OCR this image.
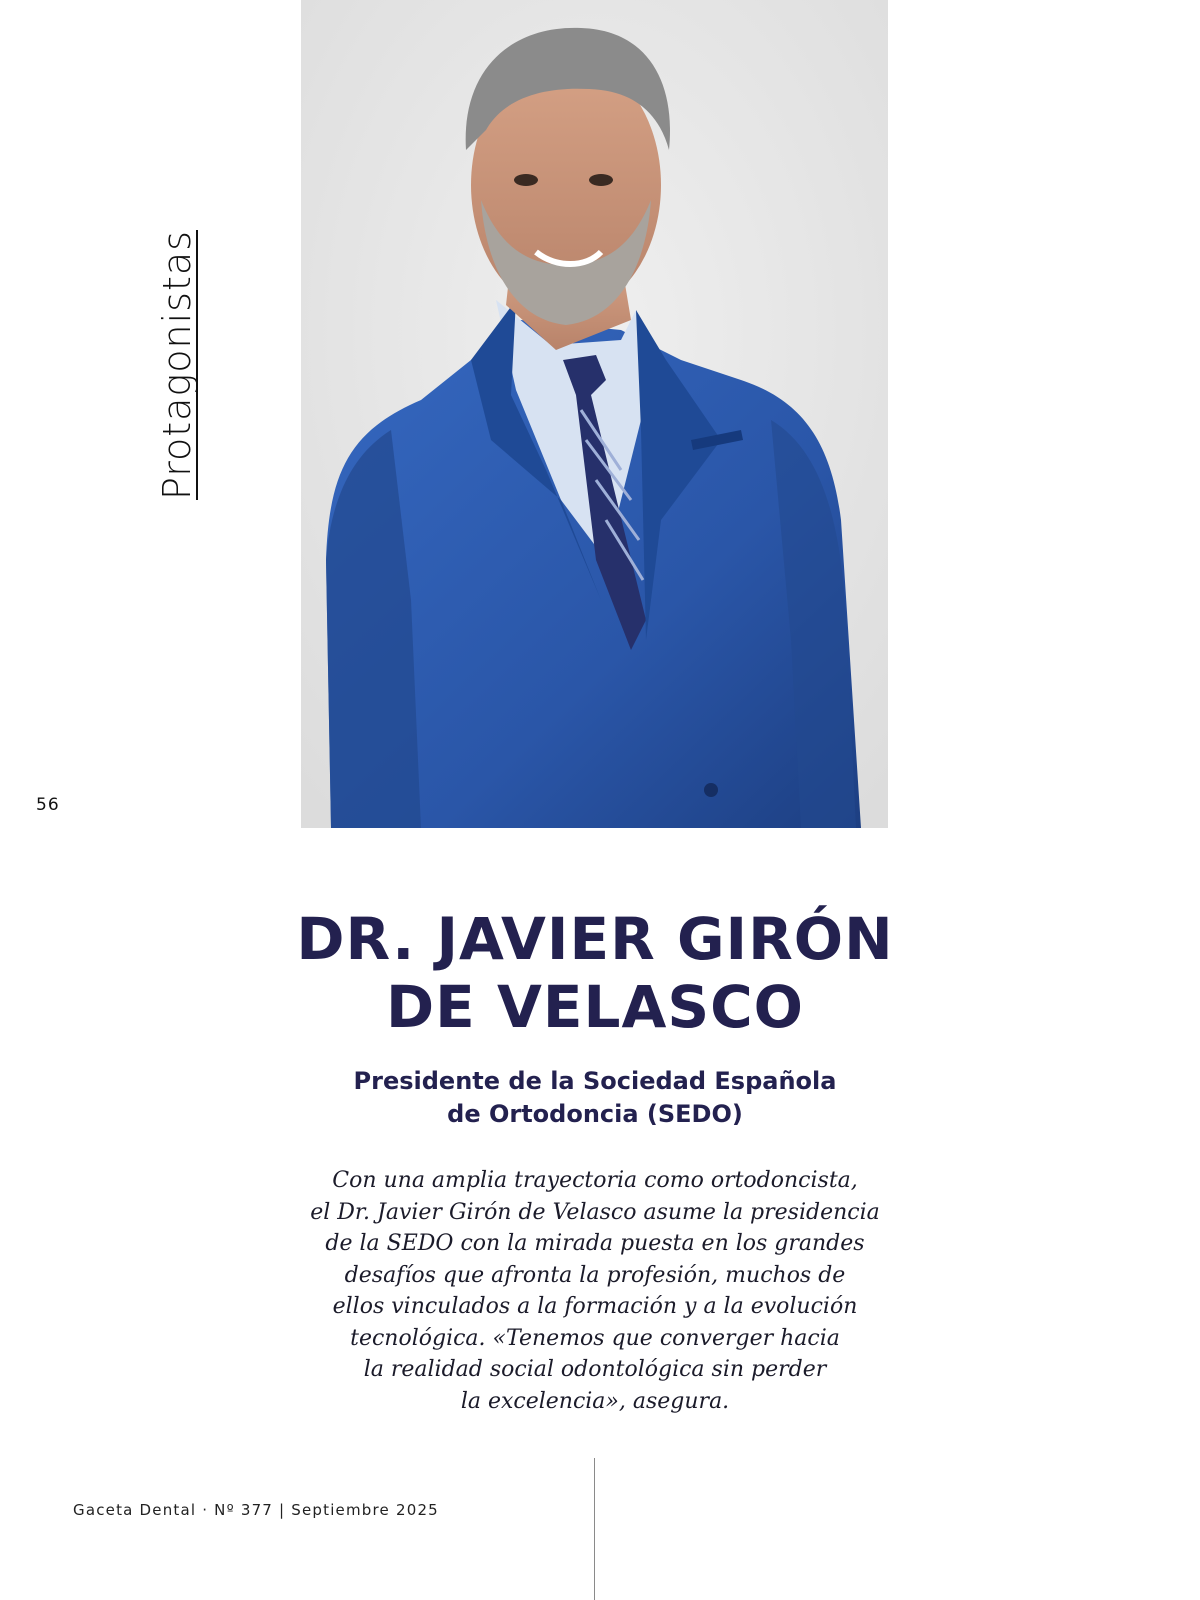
Protagonistas
56
DR. JAVIER GIRÓN
DE VELASCO
Presidente de la Sociedad Española
de Ortodoncia (SEDO)
Con una amplia trayectoria como ortodoncista,
el Dr. Javier Girón de Velasco asume la presidencia
de la SEDO con la mirada puesta en los grandes
desafíos que afronta la profesión, muchos de
ellos vinculados a la formación y a la evolución
tecnológica. «Tenemos que converger hacia
la realidad social odontológica sin perder
la excelencia», asegura.
Gaceta Dental · Nº 377 | Septiembre 2025
